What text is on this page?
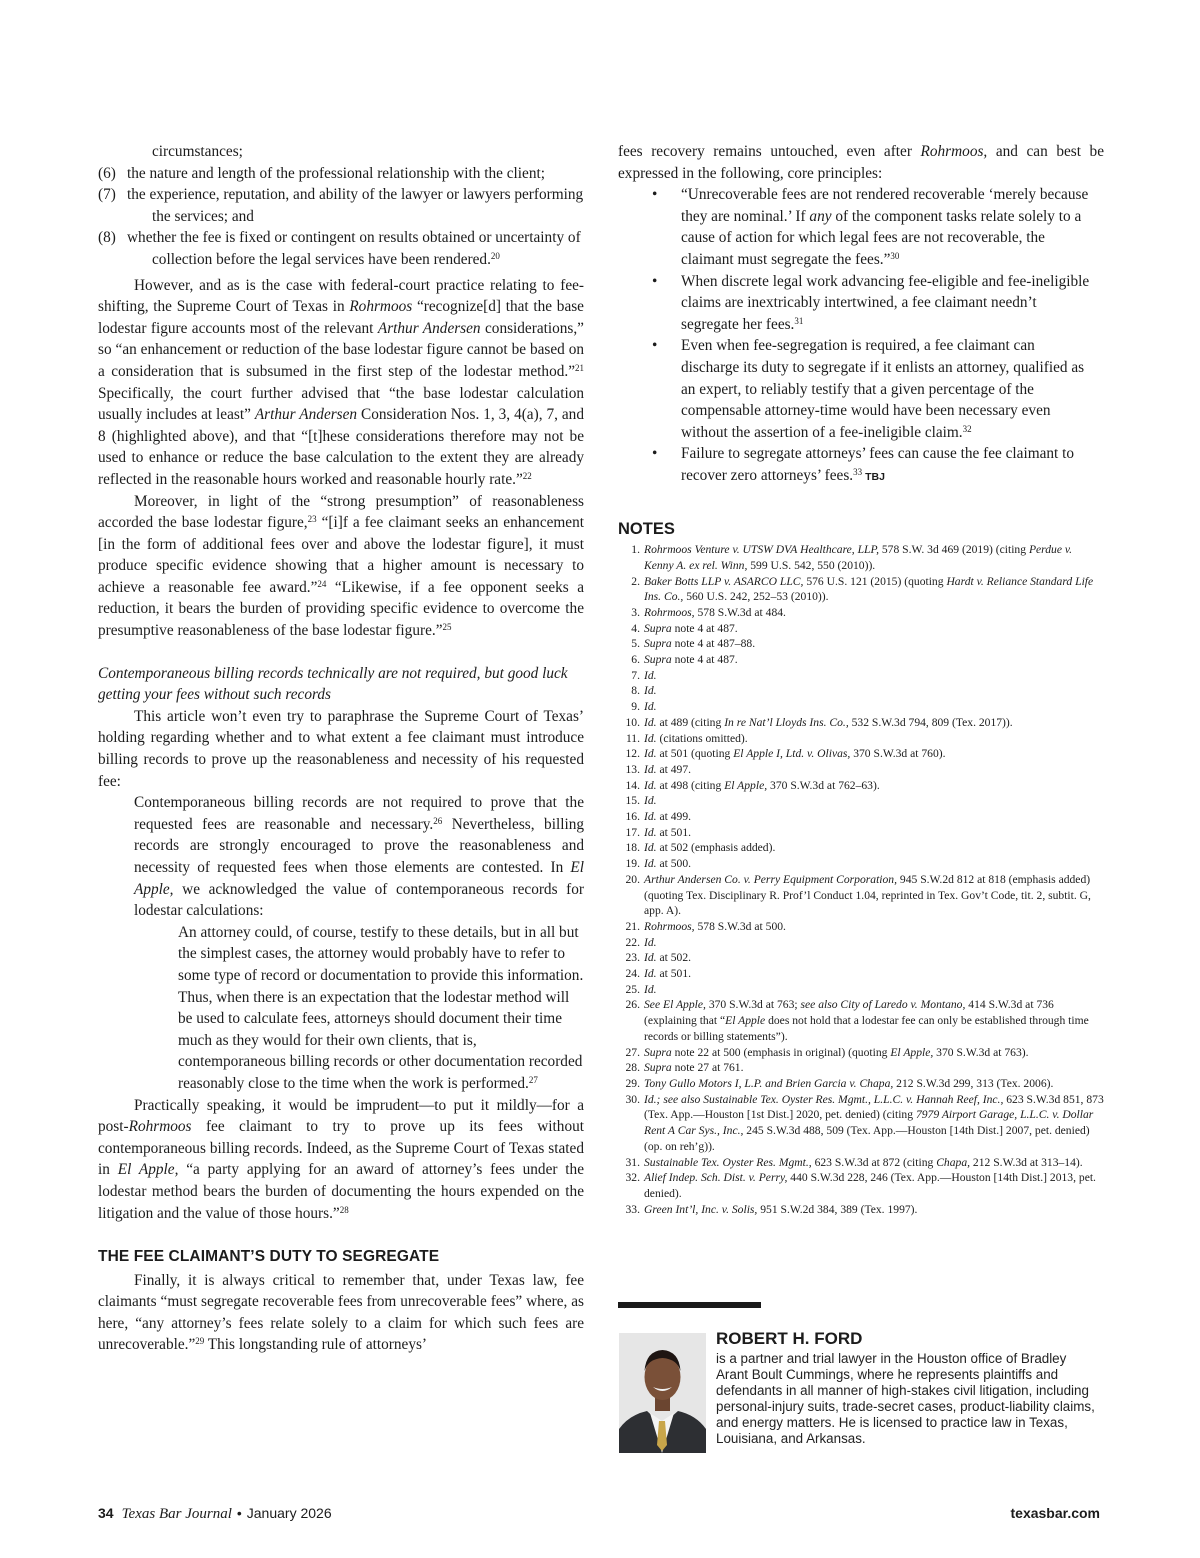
circumstances;

(6) the nature and length of the professional relationship with the client;
(7) the experience, reputation, and ability of the lawyer or lawyers performing the services; and
(8) whether the fee is fixed or contingent on results obtained or uncertainty of collection before the legal services have been rendered.$^{20}$

However, and as is the case with federal-court practice relating to fee-shifting, the Supreme Court of Texas in Rohrmoos “recognize[d] that the base lodestar figure accounts most of the relevant Arthur Andersen considerations,” so “an enhancement or reduction of the base lodestar figure cannot be based on a consideration that is subsumed in the first step of the lodestar method.”$^{21}$ Specifically, the court further advised that “the base lodestar calculation usually includes at least” Arthur Andersen Consideration Nos. 1, 3, 4(a), 7, and 8 (highlighted above), and that “[t]hese considerations therefore may not be used to enhance or reduce the base calculation to the extent they are already reflected in the reasonable hours worked and reasonable hourly rate.”$^{22}$

Moreover, in light of the “strong presumption” of reasonableness accorded the base lodestar figure,$^{23}$ “[i]f a fee claimant seeks an enhancement [in the form of additional fees over and above the lodestar figure], it must produce specific evidence showing that a higher amount is necessary to achieve a reasonable fee award.”$^{24}$ “Likewise, if a fee opponent seeks a reduction, it bears the burden of providing specific evidence to overcome the presumptive reasonableness of the base lodestar figure.”$^{25}$

Contemporaneous billing records technically are not required, but good luck getting your fees without such records

This article won’t even try to paraphrase the Supreme Court of Texas’ holding regarding whether and to what extent a fee claimant must introduce billing records to prove up the reasonableness and necessity of his requested fee:

Contemporaneous billing records are not required to prove that the requested fees are reasonable and necessary.$^{26}$ Nevertheless, billing records are strongly encouraged to prove the reasonableness and necessity of requested fees when those elements are contested. In El Apple, we acknowledged the value of contemporaneous records for lodestar calculations:

An attorney could, of course, testify to these details, but in all but the simplest cases, the attorney would probably have to refer to some type of record or documentation to provide this information. Thus, when there is an expectation that the lodestar method will be used to calculate fees, attorneys should document their time much as they would for their own clients, that is, contemporaneous billing records or other documentation recorded reasonably close to the time when the work is performed.$^{27}$

Practically speaking, it would be imprudent—to put it mildly—for a post-Rohrmoos fee claimant to try to prove up its fees without contemporaneous billing records. Indeed, as the Supreme Court of Texas stated in El Apple, “a party applying for an award of attorney’s fees under the lodestar method bears the burden of documenting the hours expended on the litigation and the value of those hours.”$^{28}$

THE FEE CLAIMANT’S DUTY TO SEGREGATE

Finally, it is always critical to remember that, under Texas law, fee claimants “must segregate recoverable fees from unrecoverable fees” where, as here, “any attorney’s fees relate solely to a claim for which such fees are unrecoverable.”$^{29}$ This longstanding rule of attorneys’

fees recovery remains untouched, even after Rohrmoos, and can best be expressed in the following, core principles:

• “Unrecoverable fees are not rendered recoverable ‘merely because they are nominal.’ If any of the component tasks relate solely to a cause of action for which legal fees are not recoverable, the claimant must segregate the fees.”$^{30}$
• When discrete legal work advancing fee-eligible and fee-ineligible claims are inextricably intertwined, a fee claimant needn’t segregate her fees.$^{31}$
• Even when fee-segregation is required, a fee claimant can discharge its duty to segregate if it enlists an attorney, qualified as an expert, to reliably testify that a given percentage of the compensable attorney-time would have been necessary even without the assertion of a fee-ineligible claim.$^{32}$
• Failure to segregate attorneys’ fees can cause the fee claimant to recover zero attorneys’ fees.$^{33}$ TBJ

NOTES

1. Rohrmoos Venture v. UTSW DVA Healthcare, LLP, 578 S.W. 3d 469 (2019) (citing Perdue v. Kenny A. ex rel. Winn, 599 U.S. 542, 550 (2010)).
2. Baker Botts LLP v. ASARCO LLC, 576 U.S. 121 (2015) (quoting Hardt v. Reliance Standard Life Ins. Co., 560 U.S. 242, 252–53 (2010)).
3. Rohrmoos, 578 S.W.3d at 484.
4. Supra note 4 at 487.
5. Supra note 4 at 487–88.
6. Supra note 4 at 487.
7. Id.
8. Id.
9. Id.
10. Id. at 489 (citing In re Nat’l Lloyds Ins. Co., 532 S.W.3d 794, 809 (Tex. 2017)).
11. Id. (citations omitted).
12. Id. at 501 (quoting El Apple I, Ltd. v. Olivas, 370 S.W.3d at 760).
13. Id. at 497.
14. Id. at 498 (citing El Apple, 370 S.W.3d at 762–63).
15. Id.
16. Id. at 499.
17. Id. at 501.
18. Id. at 502 (emphasis added).
19. Id. at 500.
20. Arthur Andersen Co. v. Perry Equipment Corporation, 945 S.W.2d 812 at 818 (emphasis added) (quoting Tex. Disciplinary R. Prof’l Conduct 1.04, reprinted in Tex. Gov’t Code, tit. 2, subtit. G, app. A).
21. Rohrmoos, 578 S.W.3d at 500.
22. Id.
23. Id. at 502.
24. Id. at 501.
25. Id.
26. See El Apple, 370 S.W.3d at 763; see also City of Laredo v. Montano, 414 S.W.3d at 736 (explaining that “El Apple does not hold that a lodestar fee can only be established through time records or billing statements”).
27. Supra note 22 at 500 (emphasis in original) (quoting El Apple, 370 S.W.3d at 763).
28. Supra note 27 at 761.
29. Tony Gullo Motors I, L.P. and Brien Garcia v. Chapa, 212 S.W.3d 299, 313 (Tex. 2006).
30. Id.; see also Sustainable Tex. Oyster Res. Mgmt., L.L.C. v. Hannah Reef, Inc., 623 S.W.3d 851, 873 (Tex. App.—Houston [1st Dist.] 2020, pet. denied) (citing 7979 Airport Garage, L.L.C. v. Dollar Rent A Car Sys., Inc., 245 S.W.3d 488, 509 (Tex. App.—Houston [14th Dist.] 2007, pet. denied) (op. on reh’g)).
31. Sustainable Tex. Oyster Res. Mgmt., 623 S.W.3d at 872 (citing Chapa, 212 S.W.3d at 313–14).
32. Alief Indep. Sch. Dist. v. Perry, 440 S.W.3d 228, 246 (Tex. App.—Houston [14th Dist.] 2013, pet. denied).
33. Green Int’l, Inc. v. Solis, 951 S.W.2d 384, 389 (Tex. 1997).
ROBERT H. FORD
is a partner and trial lawyer in the Houston office of Bradley Arant Boult Cummings, where he represents plaintiffs and defendants in all manner of high-stakes civil litigation, including personal-injury suits, trade-secret cases, product-liability claims, and energy matters. He is licensed to practice law in Texas, Louisiana, and Arkansas.
34 Texas Bar Journal • January 2026	texasbar.com
